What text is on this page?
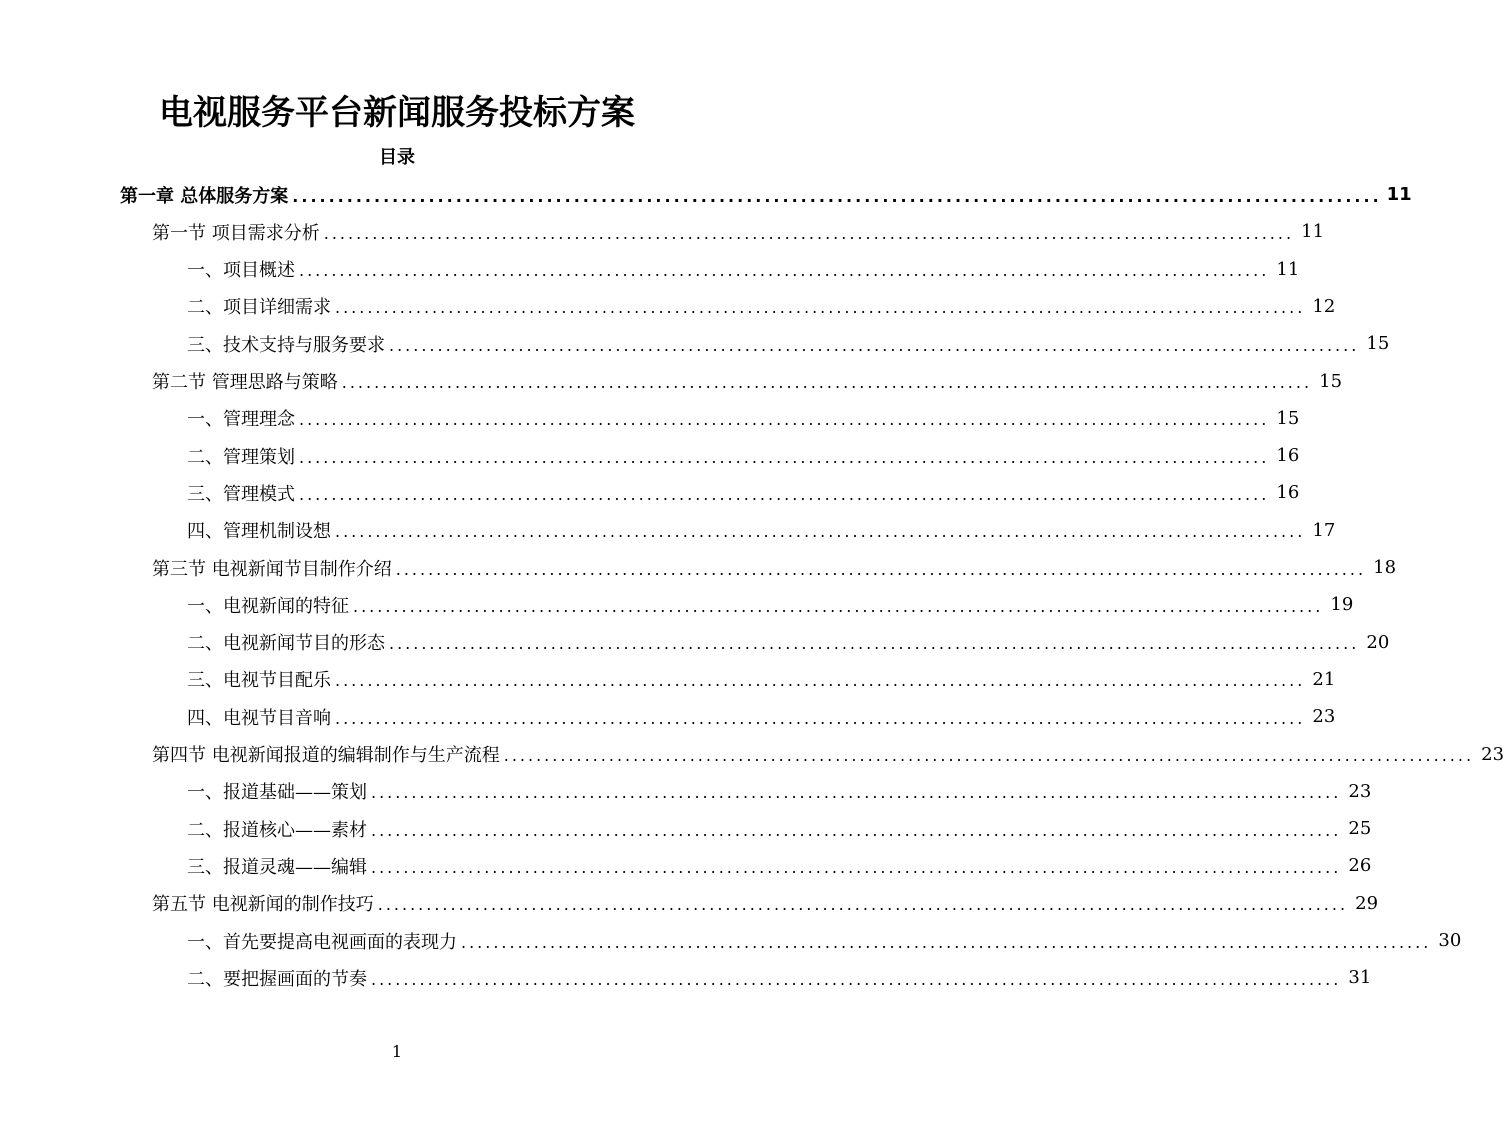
电视服务平台新闻服务投标方案
目录
第一章 总体服务方案 ........................................................................................................................ 11
第一节 项目需求分析 ........................................................................................................................ 11
一、项目概述 ........................................................................................................................ 11
二、项目详细需求 ........................................................................................................................ 12
三、技术支持与服务要求 ........................................................................................................................ 15
第二节 管理思路与策略 ........................................................................................................................ 15
一、管理理念 ........................................................................................................................ 15
二、管理策划 ........................................................................................................................ 16
三、管理模式 ........................................................................................................................ 16
四、管理机制设想 ........................................................................................................................ 17
第三节 电视新闻节目制作介绍 ........................................................................................................................ 18
一、电视新闻的特征 ........................................................................................................................ 19
二、电视新闻节目的形态 ........................................................................................................................ 20
三、电视节目配乐 ........................................................................................................................ 21
四、电视节目音响 ........................................................................................................................ 23
第四节 电视新闻报道的编辑制作与生产流程 ........................................................................................................................ 23
一、报道基础——策划 ........................................................................................................................ 23
二、报道核心——素材 ........................................................................................................................ 25
三、报道灵魂——编辑 ........................................................................................................................ 26
第五节 电视新闻的制作技巧 ........................................................................................................................ 29
一、首先要提高电视画面的表现力 ........................................................................................................................ 30
二、要把握画面的节奏 ........................................................................................................................ 31
1
